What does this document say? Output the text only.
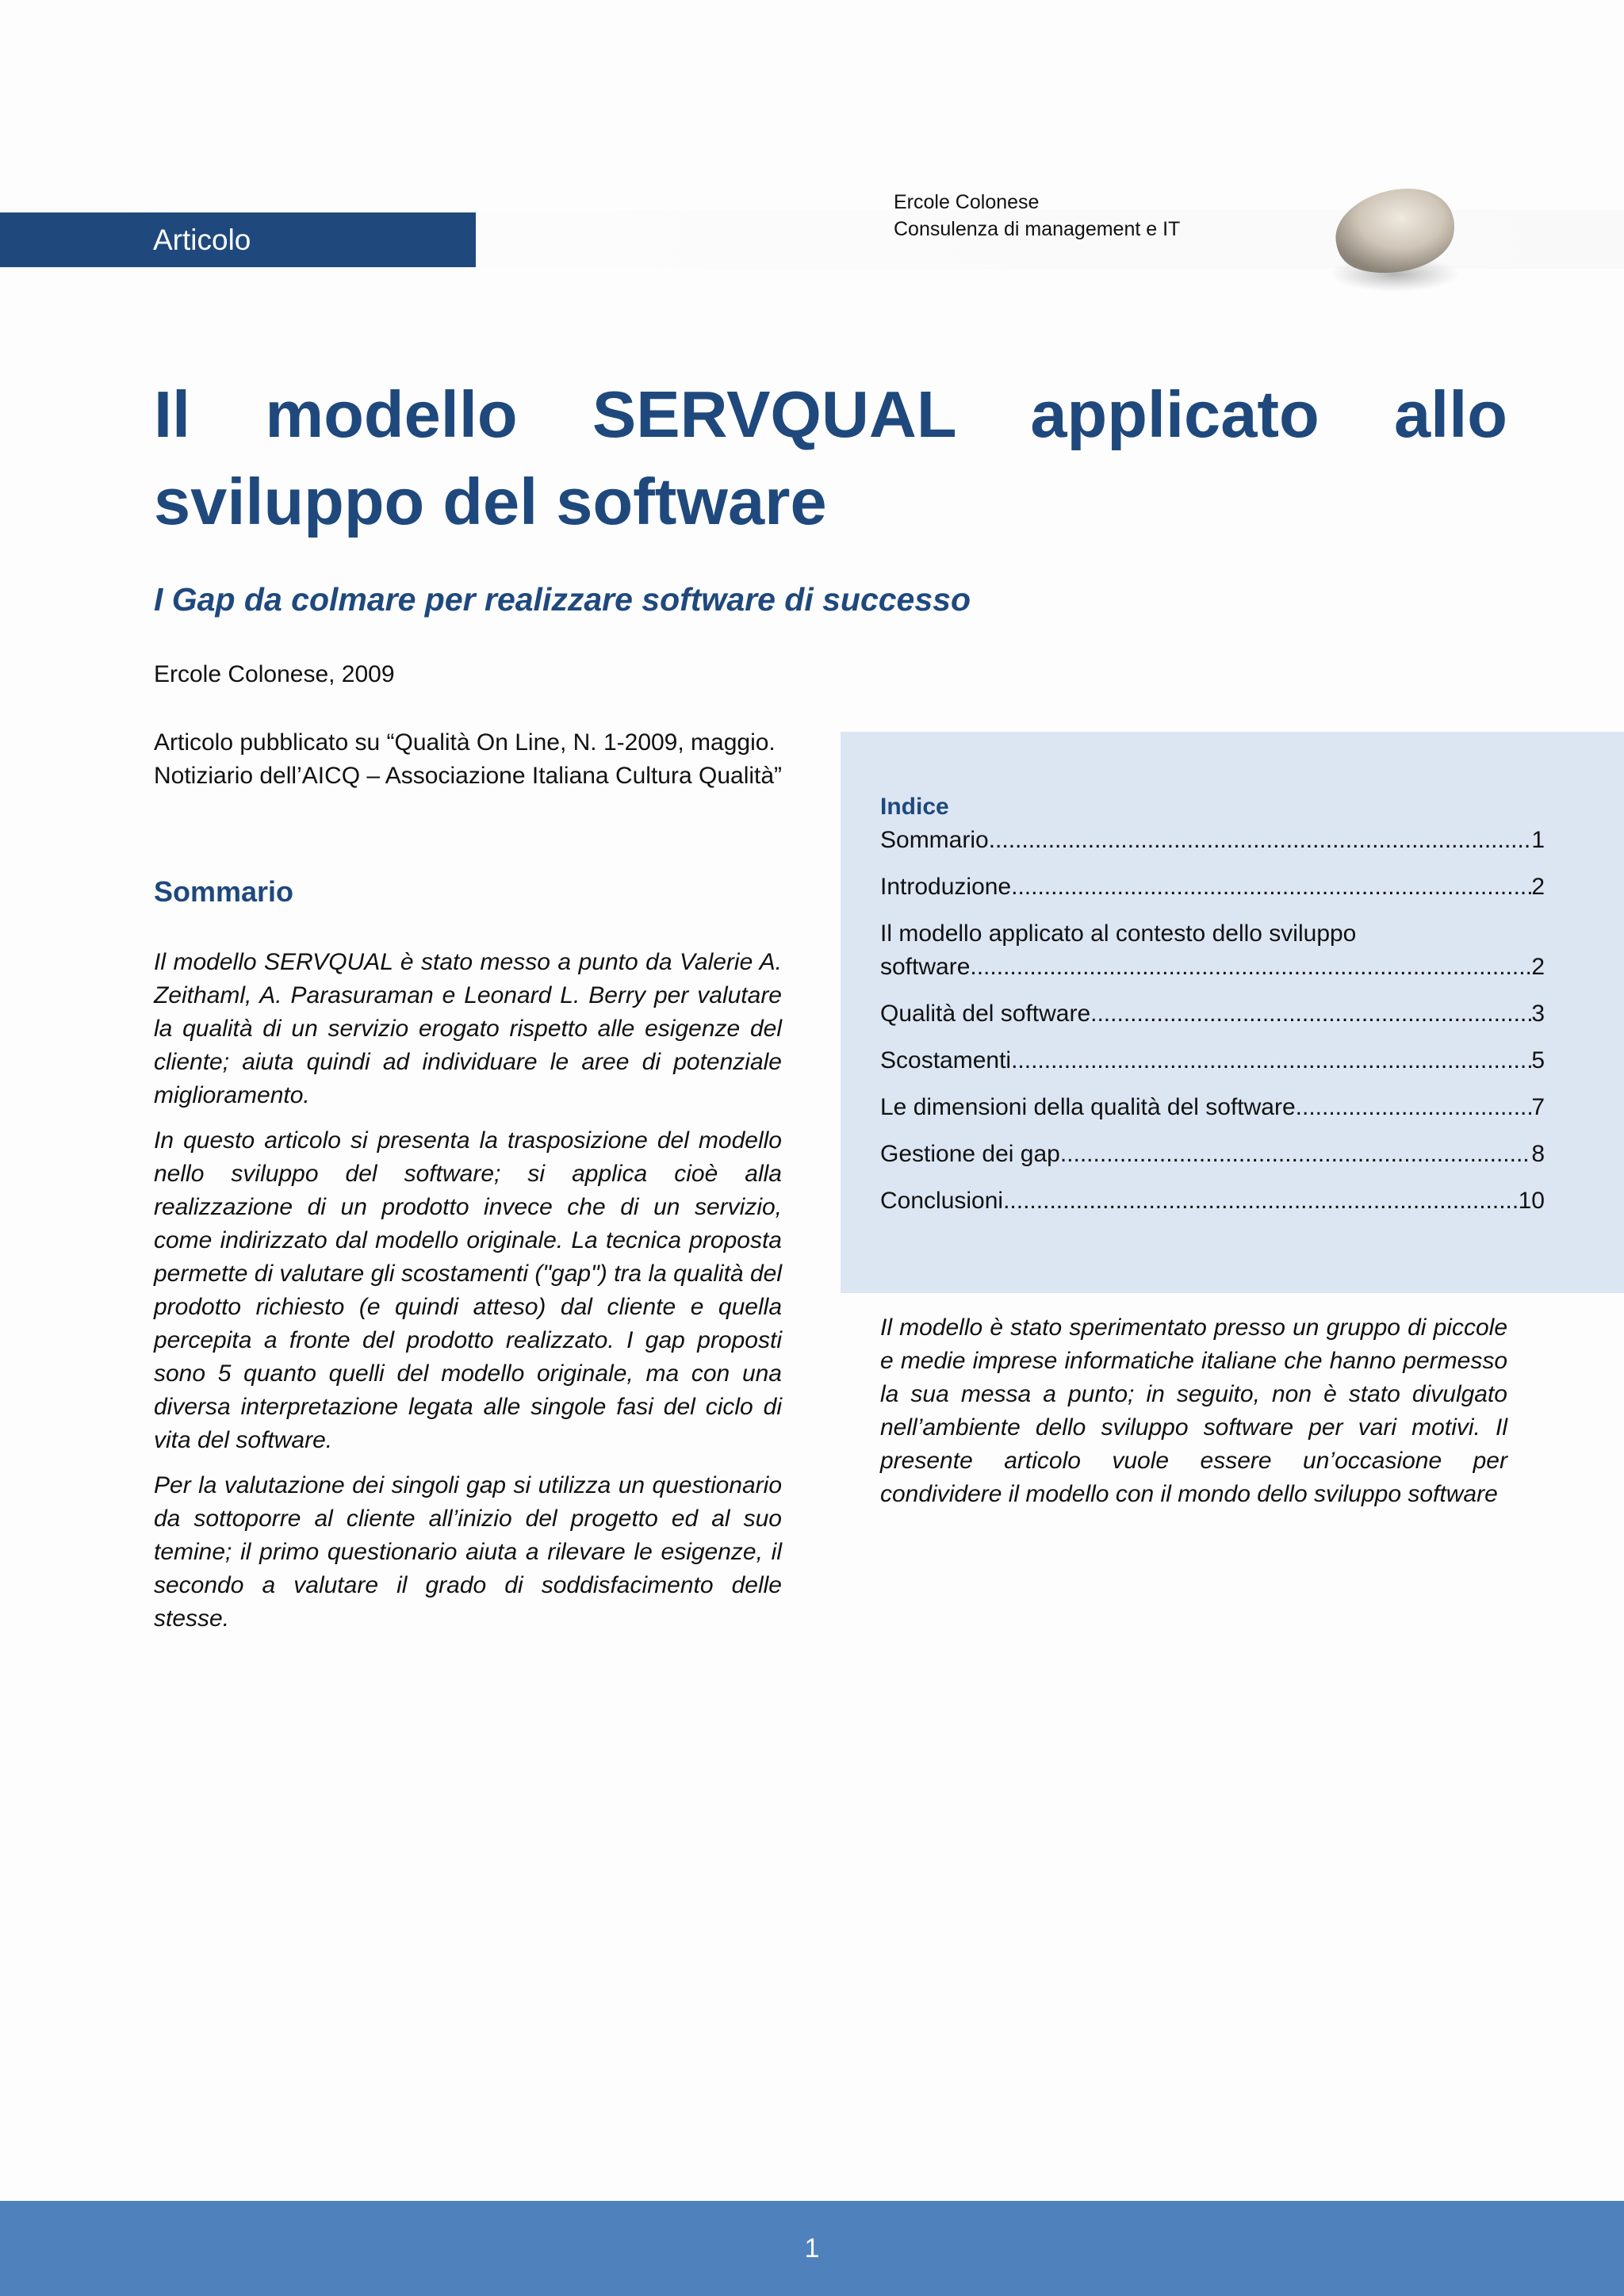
Articolo
Ercole Colonese
Consulenza di management e IT
Il modello SERVQUAL applicato allo sviluppo del software
I Gap da colmare per realizzare software di successo
Ercole Colonese, 2009
Articolo pubblicato su “Qualità On Line, N. 1-2009, maggio.
Notiziario dell’AICQ – Associazione Italiana Cultura Qualità”
Indice
Sommario .....	1
Introduzione .....	2
Il modello applicato al contesto dello sviluppo
software .....	2
Qualità del software .....	3
Scostamenti .....	5
Le dimensioni della qualità del software .....	7
Gestione dei gap .....	8
Conclusioni .....	10
Sommario

Il modello SERVQUAL è stato messo a punto da Valerie A. Zeithaml, A. Parasuraman e Leonard L. Berry per valutare la qualità di un servizio erogato rispetto alle esigenze del cliente; aiuta quindi ad individuare le aree di potenziale miglioramento.

In questo articolo si presenta la trasposizione del modello nello sviluppo del software; si applica cioè alla realizzazione di un prodotto invece che di un servizio, come indirizzato dal modello originale. La tecnica proposta permette di valutare gli scostamenti ("gap") tra la qualità del prodotto richiesto (e quindi atteso) dal cliente e quella percepita a fronte del prodotto realizzato. I gap proposti sono 5 quanto quelli del modello originale, ma con una diversa interpretazione legata alle singole fasi del ciclo di vita del software.

Per la valutazione dei singoli gap si utilizza un questionario da sottoporre al cliente all’inizio del progetto ed al suo temine; il primo questionario aiuta a rilevare le esigenze, il secondo a valutare il grado di soddisfacimento delle stesse.

Il modello è stato sperimentato presso un gruppo di piccole e medie imprese informatiche italiane che hanno permesso la sua messa a punto; in seguito, non è stato divulgato nell’ambiente dello sviluppo software per vari motivi. Il presente articolo vuole essere un’occasione per condividere il modello con il mondo dello sviluppo software

1
